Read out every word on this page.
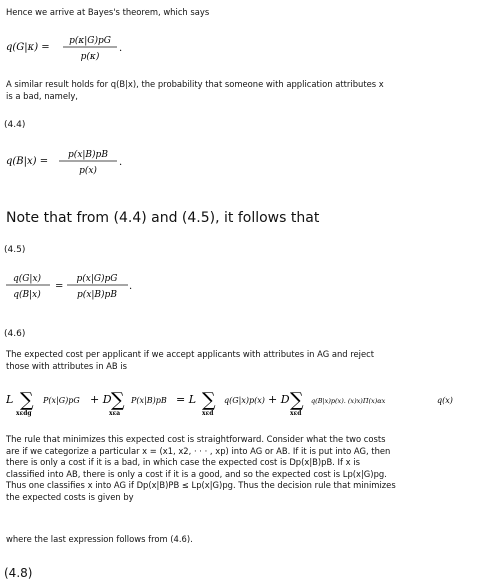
Hence we arrive at Bayes's theorem, which says

q(G|κ) =
p(κ|G)pG
p(κ)
.

A similar result holds for q(B|x), the probability that someone with application attributes x is a bad, namely,

(4.4)

q(B|x) =
p(x|B)pB
p(x)
.

Note that from (4.4) and (4.5), it follows that

(4.5)

q(G|x)
q(B|x)
=
p(x|G)pG
p(x|B)pB
.

(4.6)

The expected cost per applicant if we accept applicants with attributes in AG and reject those with attributes in AB is

L ∑
xεdg
P(x|G)pG + D ∑
xεa
P(x|B)pB = L ∑
xεd
q(G|x)p(x) + D ∑
xεd
q(B|x)p(x). (x)x)Π(x)αx	q(x)

The rule that minimizes this expected cost is straightforward. Consider what the two costs are if we categorize a particular x = (x1, x2, · · · , xp) into AG or AB. If it is put into AG, then there is only a cost if it is a bad, in which case the expected cost is Dp(x|B)pB. If x is classified into AB, there is only a cost if it is a good, and so the expected cost is Lp(x|G)pg. Thus one classifies x into AG if Dp(x|B)PB ≤ Lp(x|G)pg. Thus the decision rule that minimizes the expected costs is given by

where the last expression follows from (4.6).

(4.8)
